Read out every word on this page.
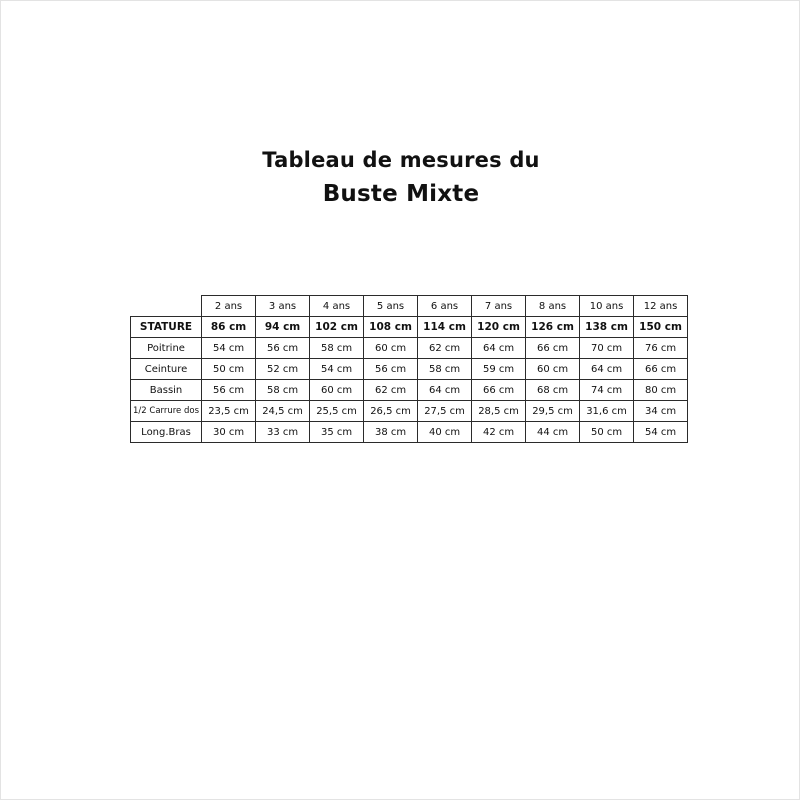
Tableau de mesures du
Buste Mixte
	2 ans	3 ans	4 ans	5 ans	6 ans	7 ans	8 ans	10 ans	12 ans
STATURE	86 cm	94 cm	102 cm	108 cm	114 cm	120 cm	126 cm	138 cm	150 cm
Poitrine	54 cm	56 cm	58 cm	60 cm	62 cm	64 cm	66 cm	70 cm	76 cm
Ceinture	50 cm	52 cm	54 cm	56 cm	58 cm	59 cm	60 cm	64 cm	66 cm
Bassin	56 cm	58 cm	60 cm	62 cm	64 cm	66 cm	68 cm	74 cm	80 cm
1/2 Carrure dos	23,5 cm	24,5 cm	25,5 cm	26,5 cm	27,5 cm	28,5 cm	29,5 cm	31,6 cm	34 cm
Long.Bras	30 cm	33 cm	35 cm	38 cm	40 cm	42 cm	44 cm	50 cm	54 cm
